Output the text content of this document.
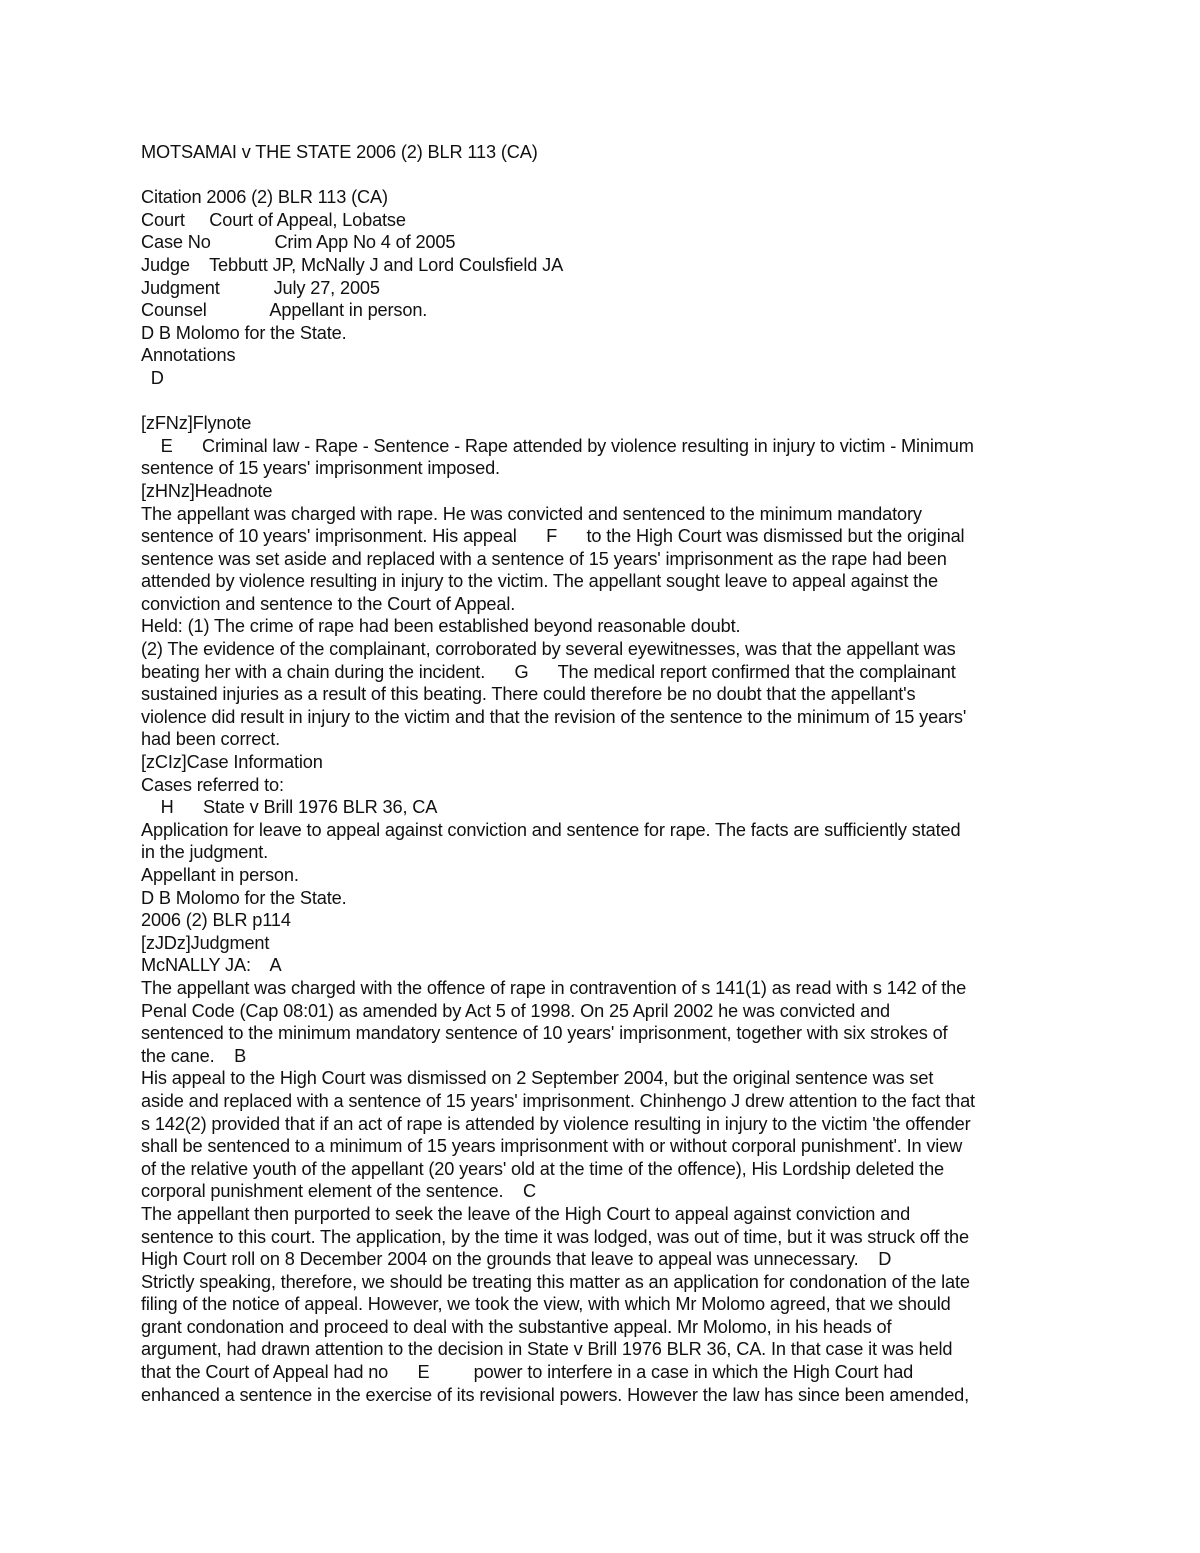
MOTSAMAI v THE STATE 2006 (2) BLR 113 (CA)
Citation 2006 (2) BLR 113 (CA)
Court     Court of Appeal, Lobatse
Case No             Crim App No 4 of 2005
Judge    Tebbutt JP, McNally J and Lord Coulsfield JA
Judgment           July 27, 2005
Counsel             Appellant in person.
D B Molomo for the State.
Annotations
D
[zFNz]Flynote
E      Criminal law - Rape - Sentence - Rape attended by violence resulting in injury to victim - Minimum
sentence of 15 years' imprisonment imposed.
[zHNz]Headnote
The appellant was charged with rape. He was convicted and sentenced to the minimum mandatory
sentence of 10 years' imprisonment. His appeal      F      to the High Court was dismissed but the original
sentence was set aside and replaced with a sentence of 15 years' imprisonment as the rape had been
attended by violence resulting in injury to the victim. The appellant sought leave to appeal against the
conviction and sentence to the Court of Appeal.
Held: (1) The crime of rape had been established beyond reasonable doubt.
(2) The evidence of the complainant, corroborated by several eyewitnesses, was that the appellant was
beating her with a chain during the incident.      G      The medical report confirmed that the complainant
sustained injuries as a result of this beating. There could therefore be no doubt that the appellant's
violence did result in injury to the victim and that the revision of the sentence to the minimum of 15 years'
had been correct.
[zCIz]Case Information
Cases referred to:
H      State v Brill 1976 BLR 36, CA
Application for leave to appeal against conviction and sentence for rape. The facts are sufficiently stated
in the judgment.
Appellant in person.
D B Molomo for the State.
2006 (2) BLR p114
[zJDz]Judgment
McNALLY JA:    A
The appellant was charged with the offence of rape in contravention of s 141(1) as read with s 142 of the
Penal Code (Cap 08:01) as amended by Act 5 of 1998. On 25 April 2002 he was convicted and
sentenced to the minimum mandatory sentence of 10 years' imprisonment, together with six strokes of
the cane.    B
His appeal to the High Court was dismissed on 2 September 2004, but the original sentence was set
aside and replaced with a sentence of 15 years' imprisonment. Chinhengo J drew attention to the fact that
s 142(2) provided that if an act of rape is attended by violence resulting in injury to the victim 'the offender
shall be sentenced to a minimum of 15 years imprisonment with or without corporal punishment'. In view
of the relative youth of the appellant (20 years' old at the time of the offence), His Lordship deleted the
corporal punishment element of the sentence.    C
The appellant then purported to seek the leave of the High Court to appeal against conviction and
sentence to this court. The application, by the time it was lodged, was out of time, but it was struck off the
High Court roll on 8 December 2004 on the grounds that leave to appeal was unnecessary.    D
Strictly speaking, therefore, we should be treating this matter as an application for condonation of the late
filing of the notice of appeal. However, we took the view, with which Mr Molomo agreed, that we should
grant condonation and proceed to deal with the substantive appeal. Mr Molomo, in his heads of
argument, had drawn attention to the decision in State v Brill 1976 BLR 36, CA. In that case it was held
that the Court of Appeal had no      E         power to interfere in a case in which the High Court had
enhanced a sentence in the exercise of its revisional powers. However the law has since been amended,
